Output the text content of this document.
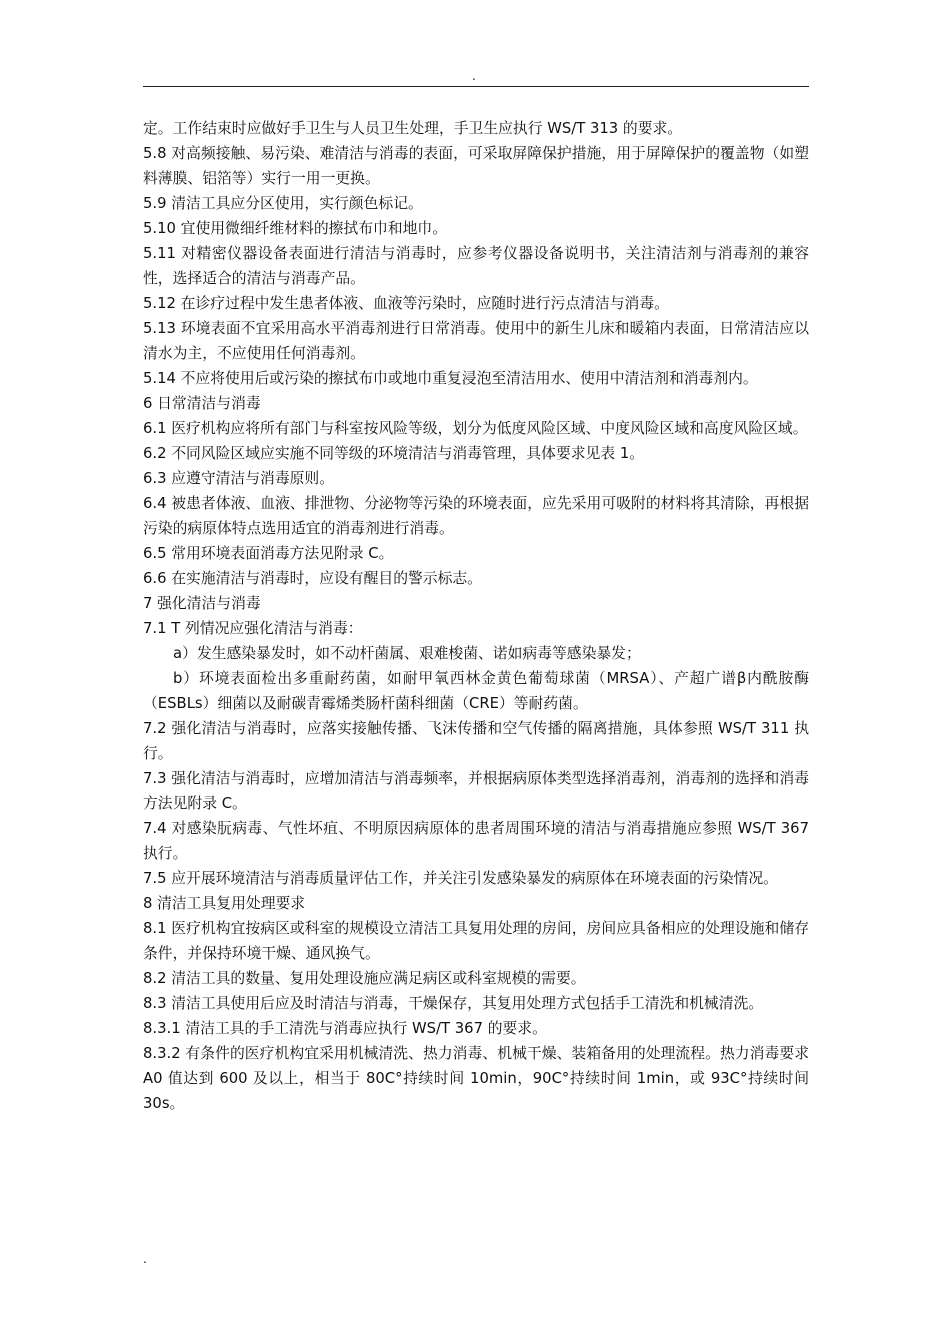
.

定。工作结束时应做好手卫生与人员卫生处理，手卫生应执行 WS/T 313 的要求。

5.8 对高频接触、易污染、难清洁与消毒的表面，可采取屏障保护措施，用于屏障保护的覆盖物（如塑料薄膜、铝箔等）实行一用一更换。

5.9 清洁工具应分区使用，实行颜色标记。

5.10 宜使用微细纤维材料的擦拭布巾和地巾。

5.11 对精密仪器设备表面进行清洁与消毒时，应参考仪器设备说明书，关注清洁剂与消毒剂的兼容性，选择适合的清洁与消毒产品。

5.12 在诊疗过程中发生患者体液、血液等污染时，应随时进行污点清洁与消毒。

5.13 环境表面不宜采用高水平消毒剂进行日常消毒。使用中的新生儿床和暖箱内表面，日常清洁应以清水为主，不应使用任何消毒剂。

5.14 不应将使用后或污染的擦拭布巾或地巾重复浸泡至清洁用水、使用中清洁剂和消毒剂内。

6 日常清洁与消毒

6.1 医疗机构应将所有部门与科室按风险等级，划分为低度风险区域、中度风险区域和高度风险区域。

6.2 不同风险区域应实施不同等级的环境清洁与消毒管理，具体要求见表 1。

6.3 应遵守清洁与消毒原则。

6.4 被患者体液、血液、排泄物、分泌物等污染的环境表面，应先采用可吸附的材料将其清除，再根据污染的病原体特点选用适宜的消毒剂进行消毒。

6.5 常用环境表面消毒方法见附录 C。

6.6 在实施清洁与消毒时，应设有醒目的警示标志。

7 强化清洁与消毒

7.1 T 列情况应强化清洁与消毒：

a）发生感染暴发时，如不动杆菌属、艰难梭菌、诺如病毒等感染暴发；

b）环境表面检出多重耐药菌，如耐甲氧西林金黄色葡萄球菌（MRSA）、产超广谱β内酰胺酶（ESBLs）细菌以及耐碳青霉烯类肠杆菌科细菌（CRE）等耐药菌。

7.2 强化清洁与消毒时，应落实接触传播、飞沫传播和空气传播的隔离措施，具体参照 WS/T 311 执行。

7.3 强化清洁与消毒时，应增加清洁与消毒频率，并根据病原体类型选择消毒剂，消毒剂的选择和消毒方法见附录 C。

7.4 对感染朊病毒、气性坏疽、不明原因病原体的患者周围环境的清洁与消毒措施应参照 WS/T 367 执行。

7.5 应开展环境清洁与消毒质量评估工作，并关注引发感染暴发的病原体在环境表面的污染情况。

8 清洁工具复用处理要求

8.1 医疗机构宜按病区或科室的规模设立清洁工具复用处理的房间，房间应具备相应的处理设施和储存条件，并保持环境干燥、通风换气。

8.2 清洁工具的数量、复用处理设施应满足病区或科室规模的需要。

8.3 清洁工具使用后应及时清洁与消毒，干燥保存，其复用处理方式包括手工清洗和机械清洗。

8.3.1 清洁工具的手工清洗与消毒应执行 WS/T 367 的要求。

8.3.2 有条件的医疗机构宜采用机械清洗、热力消毒、机械干燥、装箱备用的处理流程。热力消毒要求 A0 值达到 600 及以上，相当于 80C°持续时间 10min，90C°持续时间 1min，或 93C°持续时间 30s。

.
